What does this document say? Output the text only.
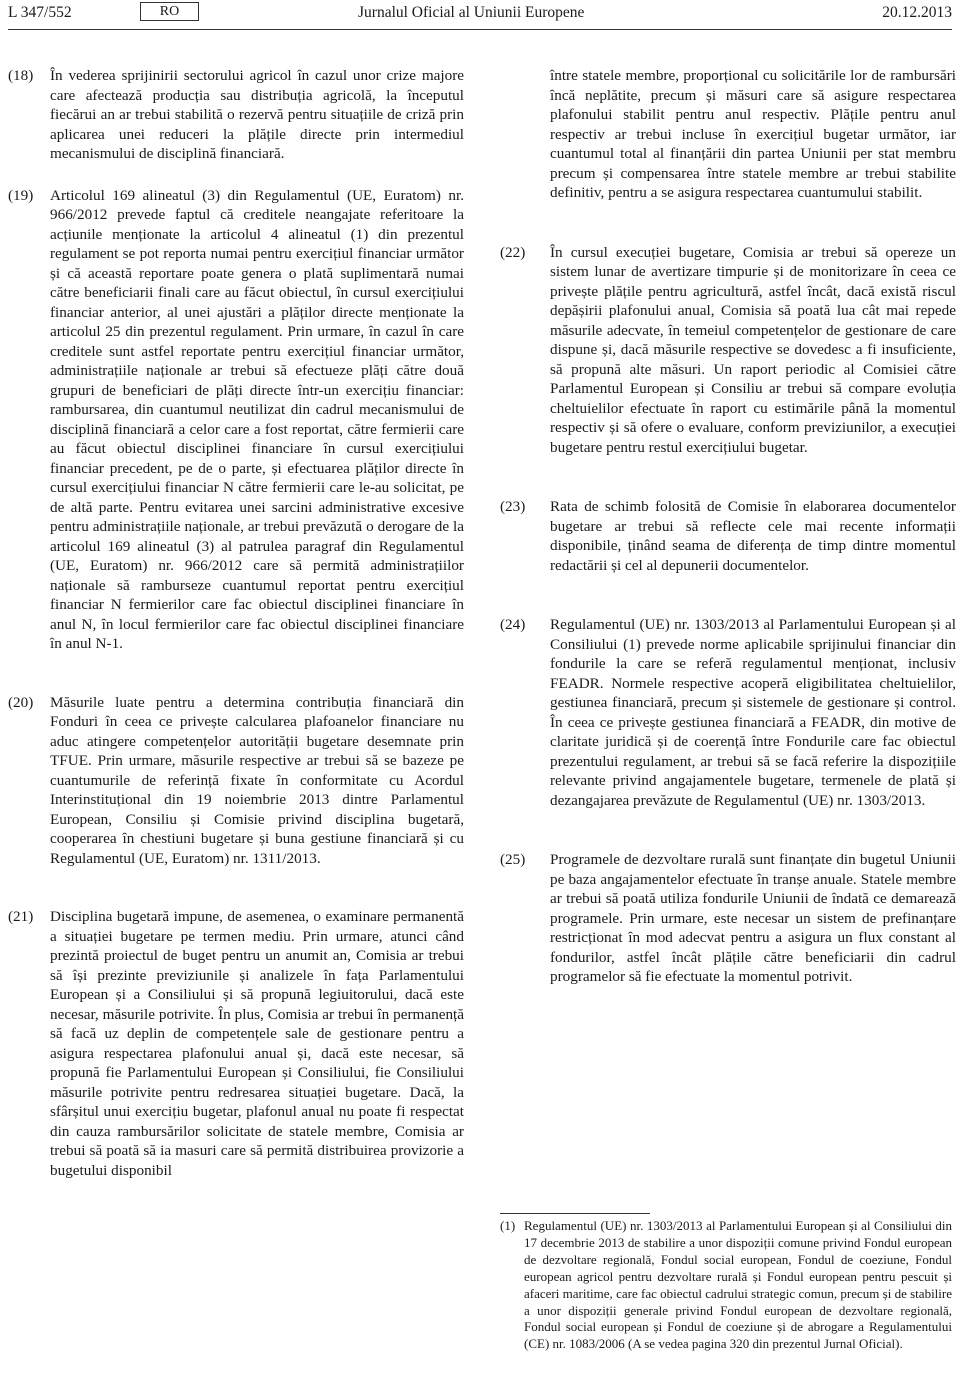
L 347/552	RO	Jurnalul Oficial al Uniunii Europene	20.12.2013
(18) În vederea sprijinirii sectorului agricol în cazul unor crize majore care afectează producția sau distribuția agricolă, la începutul fiecărui an ar trebui stabilită o rezervă pentru situațiile de criză prin aplicarea unei reduceri la plățile directe prin intermediul mecanismului de disciplină financiară.

(19) Articolul 169 alineatul (3) din Regulamentul (UE, Euratom) nr. 966/2012 prevede faptul că creditele neangajate referitoare la acțiunile menționate la articolul 4 alineatul (1) din prezentul regulament se pot reporta numai pentru exercițiul financiar următor și că această reportare poate genera o plată suplimentară numai către beneficiarii finali care au făcut obiectul, în cursul exercițiului financiar anterior, al unei ajustări a plăților directe menționate la articolul 25 din prezentul regulament. Prin urmare, în cazul în care creditele sunt astfel reportate pentru exercițiul financiar următor, administrațiile naționale ar trebui să efectueze plăți către două grupuri de beneficiari de plăți directe într-un exercițiu financiar: rambursarea, din cuantumul neutilizat din cadrul mecanismului de disciplină financiară a celor care a fost reportat, către fermierii care au făcut obiectul disciplinei financiare în cursul exercițiului financiar precedent, pe de o parte, și efectuarea plăților directe în cursul exercițiului financiar N către fermierii care le-au solicitat, pe de altă parte. Pentru evitarea unei sarcini administrative excesive pentru administrațiile naționale, ar trebui prevăzută o derogare de la articolul 169 alineatul (3) al patrulea paragraf din Regulamentul (UE, Euratom) nr. 966/2012 care să permită administrațiilor naționale să ramburseze cuantumul reportat pentru exercițiul financiar N fermierilor care fac obiectul disciplinei financiare în anul N, în locul fermierilor care fac obiectul disciplinei financiare în anul N-1.

(20) Măsurile luate pentru a determina contribuția financiară din Fonduri în ceea ce privește calcularea plafoanelor financiare nu aduc atingere competențelor autorității bugetare desemnate prin TFUE. Prin urmare, măsurile respective ar trebui să se bazeze pe cuantumurile de referință fixate în conformitate cu Acordul Interinstituțional din 19 noiembrie 2013 dintre Parlamentul European, Consiliu și Comisie privind disciplina bugetară, cooperarea în chestiuni bugetare și buna gestiune financiară și cu Regulamentul (UE, Euratom) nr. 1311/2013.

(21) Disciplina bugetară impune, de asemenea, o examinare permanentă a situației bugetare pe termen mediu. Prin urmare, atunci când prezintă proiectul de buget pentru un anumit an, Comisia ar trebui să își prezinte previziunile și analizele în fața Parlamentului European și a Consiliului și să propună legiuitorului, dacă este necesar, măsurile potrivite. În plus, Comisia ar trebui în permanență să facă uz deplin de competențele sale de gestionare pentru a asigura respectarea plafonului anual și, dacă este necesar, să propună fie Parlamentului European și Consiliului, fie Consiliului măsurile potrivite pentru redresarea situației bugetare. Dacă, la sfârșitul unui exercițiu bugetar, plafonul anual nu poate fi respectat din cauza rambursărilor solicitate de statele membre, Comisia ar trebui să poată să ia masuri care să permită distribuirea provizorie a bugetului disponibil

între statele membre, proporțional cu solicitările lor de rambursări încă neplătite, precum și măsuri care să asigure respectarea plafonului stabilit pentru anul respectiv. Plățile pentru anul respectiv ar trebui incluse în exercițiul bugetar următor, iar cuantumul total al finanțării din partea Uniunii per stat membru precum și compensarea între statele membre ar trebui stabilite definitiv, pentru a se asigura respectarea cuantumului stabilit.

(22) În cursul execuției bugetare, Comisia ar trebui să opereze un sistem lunar de avertizare timpurie și de monitorizare în ceea ce privește plățile pentru agricultură, astfel încât, dacă există riscul depășirii plafonului anual, Comisia să poată lua cât mai repede măsurile adecvate, în temeiul competențelor de gestionare de care dispune și, dacă măsurile respective se dovedesc a fi insuficiente, să propună alte măsuri. Un raport periodic al Comisiei către Parlamentul European și Consiliu ar trebui să compare evoluția cheltuielilor efectuate în raport cu estimările până la momentul respectiv și să ofere o evaluare, conform previziunilor, a execuției bugetare pentru restul exercițiului bugetar.

(23) Rata de schimb folosită de Comisie în elaborarea documentelor bugetare ar trebui să reflecte cele mai recente informații disponibile, ținând seama de diferența de timp dintre momentul redactării și cel al depunerii documentelor.

(24) Regulamentul (UE) nr. 1303/2013 al Parlamentului European și al Consiliului (1) prevede norme aplicabile sprijinului financiar din fondurile la care se referă regulamentul menționat, inclusiv FEADR. Normele respective acoperă eligibilitatea cheltuielilor, gestiunea financiară, precum și sistemele de gestionare și control. În ceea ce privește gestiunea financiară a FEADR, din motive de claritate juridică și de coerență între Fondurile care fac obiectul prezentului regulament, ar trebui să se facă referire la dispozițiile relevante privind angajamentele bugetare, termenele de plată și dezangajarea prevăzute de Regulamentul (UE) nr. 1303/2013.

(25) Programele de dezvoltare rurală sunt finanțate din bugetul Uniunii pe baza angajamentelor efectuate în tranșe anuale. Statele membre ar trebui să poată utiliza fondurile Uniunii de îndată ce demarează programele. Prin urmare, este necesar un sistem de prefinanțare restricționat în mod adecvat pentru a asigura un flux constant al fondurilor, astfel încât plățile către beneficiarii din cadrul programelor să fie efectuate la momentul potrivit.

(1) Regulamentul (UE) nr. 1303/2013 al Parlamentului European și al Consiliului din 17 decembrie 2013 de stabilire a unor dispoziții comune privind Fondul european de dezvoltare regională, Fondul social european, Fondul de coeziune, Fondul european agricol pentru dezvoltare rurală și Fondul european pentru pescuit și afaceri maritime, care fac obiectul cadrului strategic comun, precum și de stabilire a unor dispoziții generale privind Fondul european de dezvoltare regională, Fondul social european și Fondul de coeziune și de abrogare a Regulamentului (CE) nr. 1083/2006 (A se vedea pagina 320 din prezentul Jurnal Oficial).
